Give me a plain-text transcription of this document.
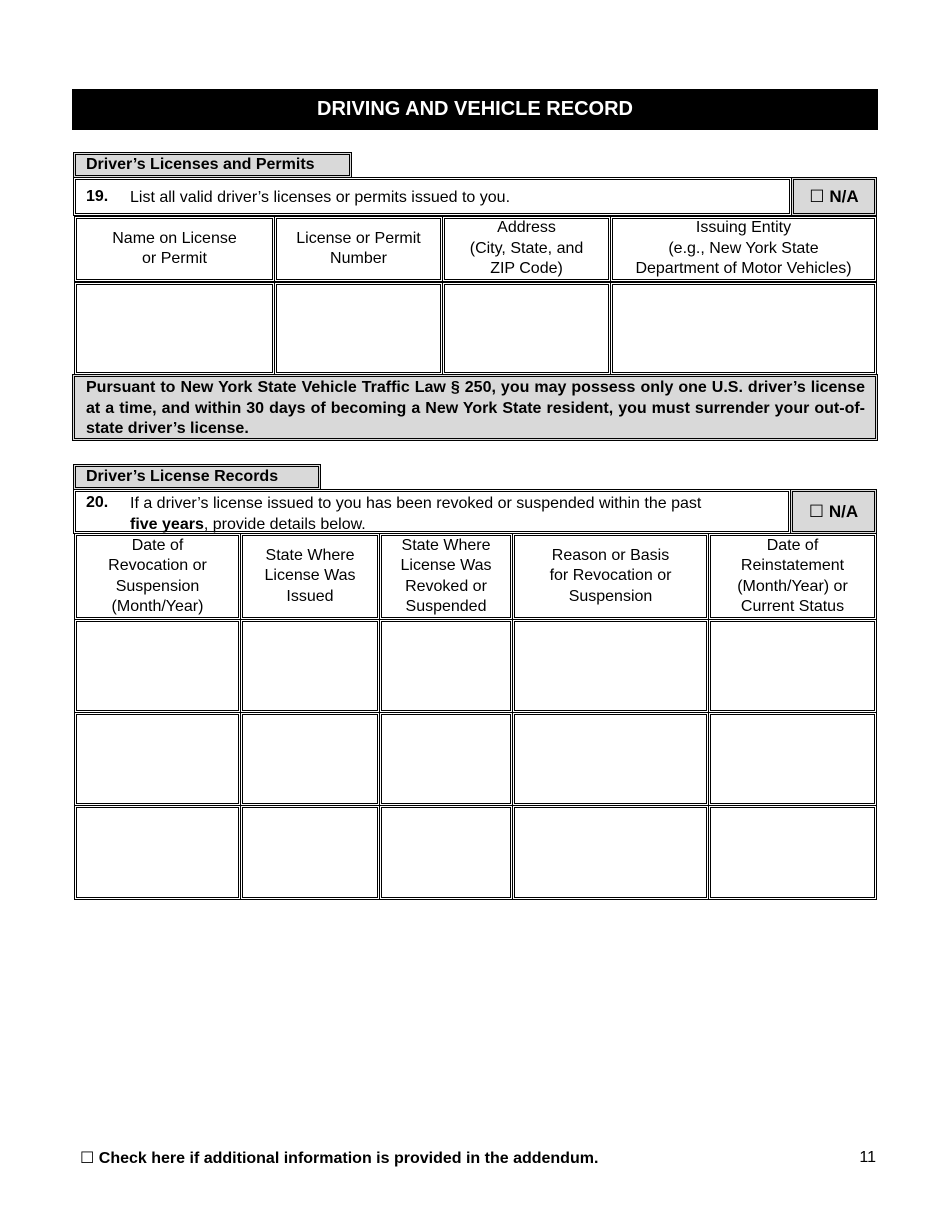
DRIVING AND VEHICLE RECORD
Driver’s Licenses and Permits
19. List all valid driver’s licenses or permits issued to you.	☐ N/A
Name on License
or Permit
License or Permit
Number
Address
(City, State, and
ZIP Code)
Issuing Entity
(e.g., New York State
Department of Motor Vehicles)

Pursuant to New York State Vehicle Traffic Law § 250, you may possess only one U.S. driver’s license at a time, and within 30 days of becoming a New York State resident, you must surrender your out-of-state driver’s license.

Driver’s License Records
20. If a driver’s license issued to you has been revoked or suspended within the past
five years, provide details below.
☐ N/A
Date of
Revocation or
Suspension
(Month/Year)
State Where
License Was
Issued
State Where
License Was
Revoked or
Suspended
Reason or Basis
for Revocation or
Suspension
Date of
Reinstatement
(Month/Year) or
Current Status
☐ Check here if additional information is provided in the addendum.	11
